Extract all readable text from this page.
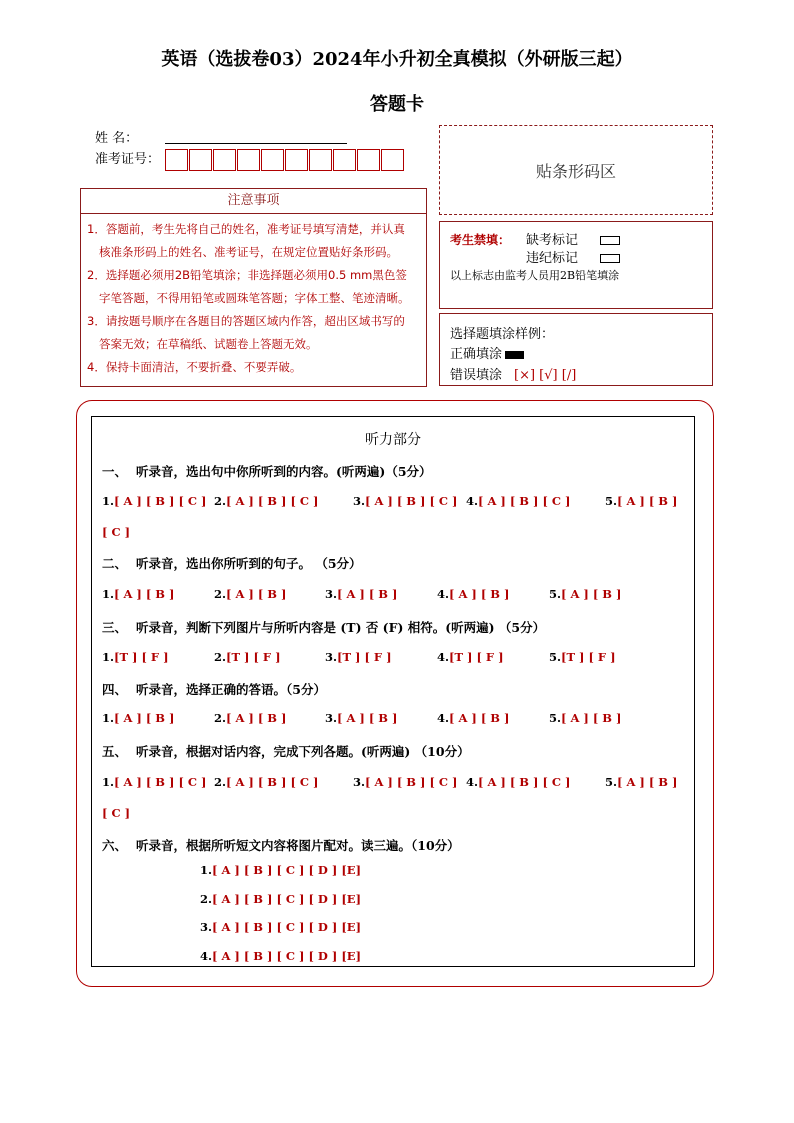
英语（选拔卷03）2024年小升初全真模拟（外研版三起）
答题卡
姓 名：
准考证号：
贴条形码区
注意事项
1．答题前，考生先将自己的姓名，准考证号填写清楚，并认真
核准条形码上的姓名、准考证号，在规定位置贴好条形码。
2．选择题必须用2B铅笔填涂；非选择题必须用0.5 mm黑色签
字笔答题，不得用铅笔或圆珠笔答题；字体工整、笔迹清晰。
3．请按题号顺序在各题目的答题区域内作答，超出区域书写的
答案无效；在草稿纸、试题卷上答题无效。
4．保持卡面清洁，不要折叠、不要弄破。
考生禁填： 缺考标记
违纪标记
以上标志由监考人员用2B铅笔填涂
选择题填涂样例：
正确填涂
错误填涂 [×] [√] [/]
听力部分
一、 听录音，选出句中你所听到的内容。(听两遍)（5分）
1.[ A ] [ B ] [ C ] 2.[ A ] [ B ] [ C ]	3.[ A ] [ B ] [ C ] 4.[ A ] [ B ] [ C ]	5.[ A ] [ B ]
[ C ]
二、 听录音，选出你所听到的句子。 （5分）
1.[ A ] [ B ]	2.[ A ] [ B ]	3.[ A ] [ B ]	4.[ A ] [ B ]	5.[ A ] [ B ]
三、 听录音，判断下列图片与所听内容是 (T) 否 (F) 相符。(听两遍) （5分）
1.[T ] [ F ]	2.[T ] [ F ]	3.[T ] [ F ]	4.[T ] [ F ]	5.[T ] [ F ]
四、 听录音，选择正确的答语。（5分）
1.[ A ] [ B ]	2.[ A ] [ B ]	3.[ A ] [ B ]	4.[ A ] [ B ]	5.[ A ] [ B ]
五、 听录音，根据对话内容，完成下列各题。(听两遍) （10分）
1.[ A ] [ B ] [ C ] 2.[ A ] [ B ] [ C ]	3.[ A ] [ B ] [ C ] 4.[ A ] [ B ] [ C ]	5.[ A ] [ B ]
[ C ]
六、 听录音，根据所听短文内容将图片配对。读三遍。（10分）
1.[ A ] [ B ] [ C ] [ D ] [E]
2.[ A ] [ B ] [ C ] [ D ] [E]
3.[ A ] [ B ] [ C ] [ D ] [E]
4.[ A ] [ B ] [ C ] [ D ] [E]
